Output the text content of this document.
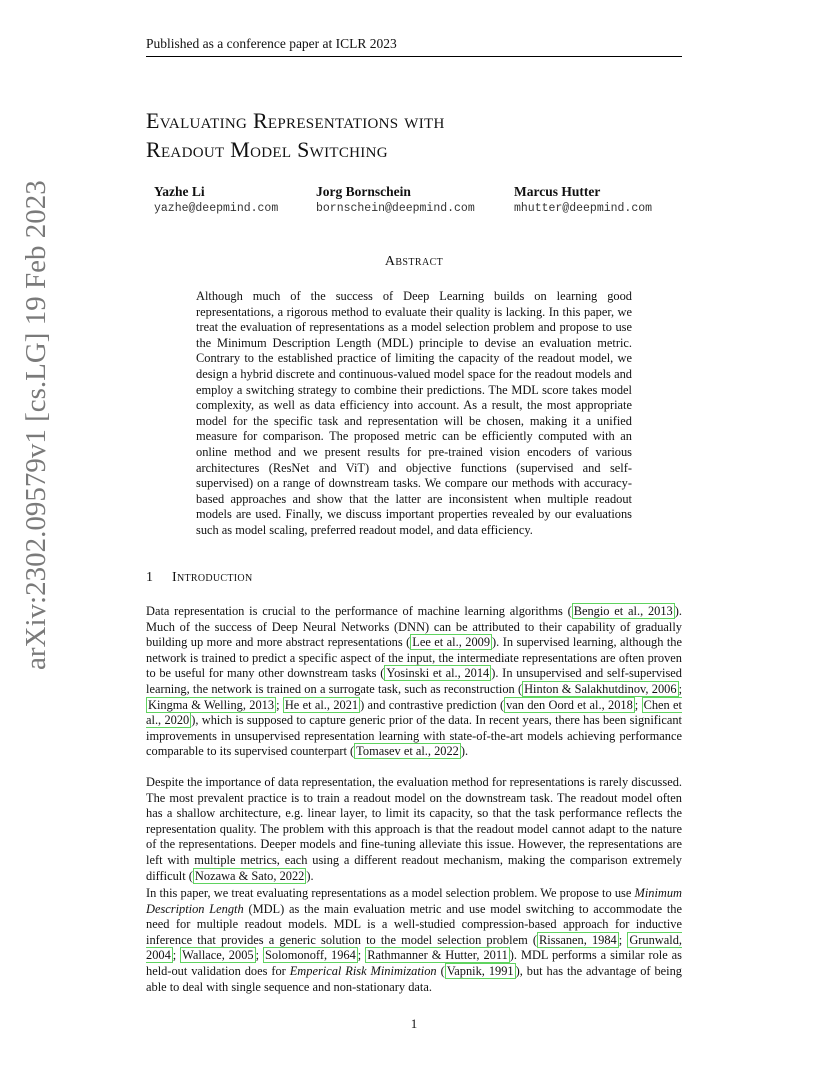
Published as a conference paper at ICLR 2023
arXiv:2302.09579v1 [cs.LG] 19 Feb 2023
Evaluating Representations with
Readout Model Switching
Yazhe Li
yazhe@deepmind.com
Jorg Bornschein
bornschein@deepmind.com
Marcus Hutter
mhutter@deepmind.com
Abstract
Although much of the success of Deep Learning builds on learning good representations, a rigorous method to evaluate their quality is lacking. In this paper, we treat the evaluation of representations as a model selection problem and propose to use the Minimum Description Length (MDL) principle to devise an evaluation metric. Contrary to the established practice of limiting the capacity of the readout model, we design a hybrid discrete and continuous-valued model space for the readout models and employ a switching strategy to combine their predictions. The MDL score takes model complexity, as well as data efficiency into account. As a result, the most appropriate model for the specific task and representation will be chosen, making it a unified measure for comparison. The proposed metric can be efficiently computed with an online method and we present results for pre-trained vision encoders of various architectures (ResNet and ViT) and objective functions (supervised and self-supervised) on a range of downstream tasks. We compare our methods with accuracy-based approaches and show that the latter are inconsistent when multiple readout models are used. Finally, we discuss important properties revealed by our evaluations such as model scaling, preferred readout model, and data efficiency.
1 Introduction
Data representation is crucial to the performance of machine learning algorithms ( Bengio et al., 2013 ). Much of the success of Deep Neural Networks (DNN) can be attributed to their capability of gradually building up more and more abstract representations ( Lee et al., 2009 ). In supervised learning, although the network is trained to predict a specific aspect of the input, the intermediate representations are often proven to be useful for many other downstream tasks ( Yosinski et al., 2014 ). In unsupervised and self-supervised learning, the network is trained on a surrogate task, such as reconstruction ( Hinton & Salakhutdinov, 2006 ; Kingma & Welling, 2013 ; He et al., 2021 ) and contrastive prediction ( van den Oord et al., 2018 ; Chen et al., 2020 ), which is supposed to capture generic prior of the data. In recent years, there has been significant improvements in unsupervised representation learning with state-of-the-art models achieving performance comparable to its supervised counterpart ( Tomasev et al., 2022 ).
Despite the importance of data representation, the evaluation method for representations is rarely discussed. The most prevalent practice is to train a readout model on the downstream task. The readout model often has a shallow architecture, e.g. linear layer, to limit its capacity, so that the task performance reflects the representation quality. The problem with this approach is that the readout model cannot adapt to the nature of the representations. Deeper models and fine-tuning alleviate this issue. However, the representations are left with multiple metrics, each using a different readout mechanism, making the comparison extremely difficult ( Nozawa & Sato, 2022 ).
In this paper, we treat evaluating representations as a model selection problem. We propose to use Minimum Description Length (MDL) as the main evaluation metric and use model switching to accommodate the need for multiple readout models. MDL is a well-studied compression-based approach for inductive inference that provides a generic solution to the model selection problem ( Rissanen, 1984 ; Grunwald, 2004 ; Wallace, 2005 ; Solomonoff, 1964 ; Rathmanner & Hutter, 2011 ). MDL performs a similar role as held-out validation does for Emperical Risk Minimization ( Vapnik, 1991 ), but has the advantage of being able to deal with single sequence and non-stationary data.
1
